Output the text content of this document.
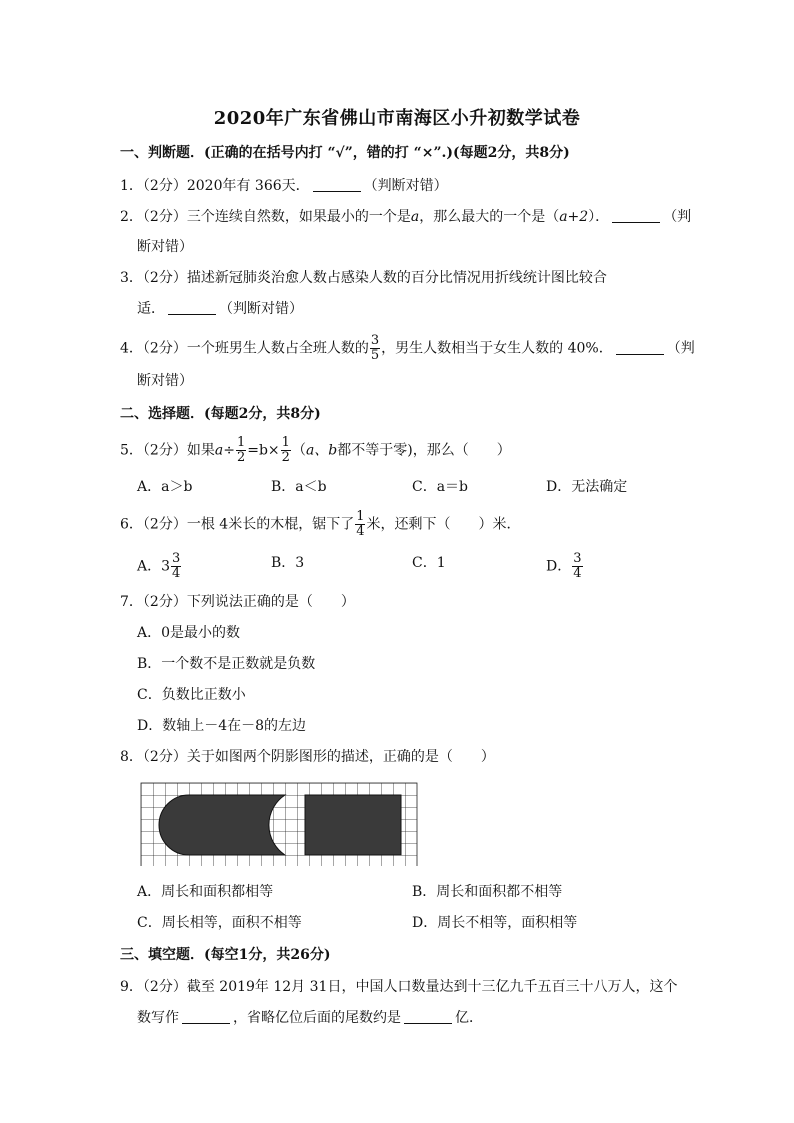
2020年广东省佛山市南海区小升初数学试卷
一、判断题．(正确的在括号内打 “√”，错的打 “×”.)(每题2分，共8分)
1．（2分）2020年有 366天．	（判断对错）
2．（2分）三个连续自然数，如果最小的一个是a，那么最大的一个是（a+2）．	（判
断对错）
3．（2分）描述新冠肺炎治愈人数占感染人数的百分比情况用折线统计图比较合
适．	（判断对错）
4．（2分）一个班男生人数占全班人数的 $\frac{3}{5}$ ，男生人数相当于女生人数的 40%．	（判
断对错）
二、选择题．(每题2分，共8分)
5．（2分）如果$a\div \frac{1}{2} =b\times \frac{1}{2} (a$、b都不等于零)，那么（　　）
A．a＞b	B．a＜b	C．a＝b	D．无法确定
6．（2分）一根 4米长的木棍，锯下了 $\frac{1}{4}$ 米，还剩下（　　）米．
A．$3 \frac{3}{4}$	B．3	C．1	D． $\frac{3}{4}$
7．（2分）下列说法正确的是（　　）
A．0是最小的数
B．一个数不是正数就是负数
C．负数比正数小
D．数轴上－4在－8的左边
8．（2分）关于如图两个阴影图形的描述，正确的是（　　）
A．周长和面积都相等	B．周长和面积都不相等
C．周长相等，面积不相等	D．周长不相等，面积相等
三、填空题．(每空1分，共26分)
9．（2分）截至 2019年 12月 31日，中国人口数量达到十三亿九千五百三十八万人，这个
数写作	，省略亿位后面的尾数约是	亿．
